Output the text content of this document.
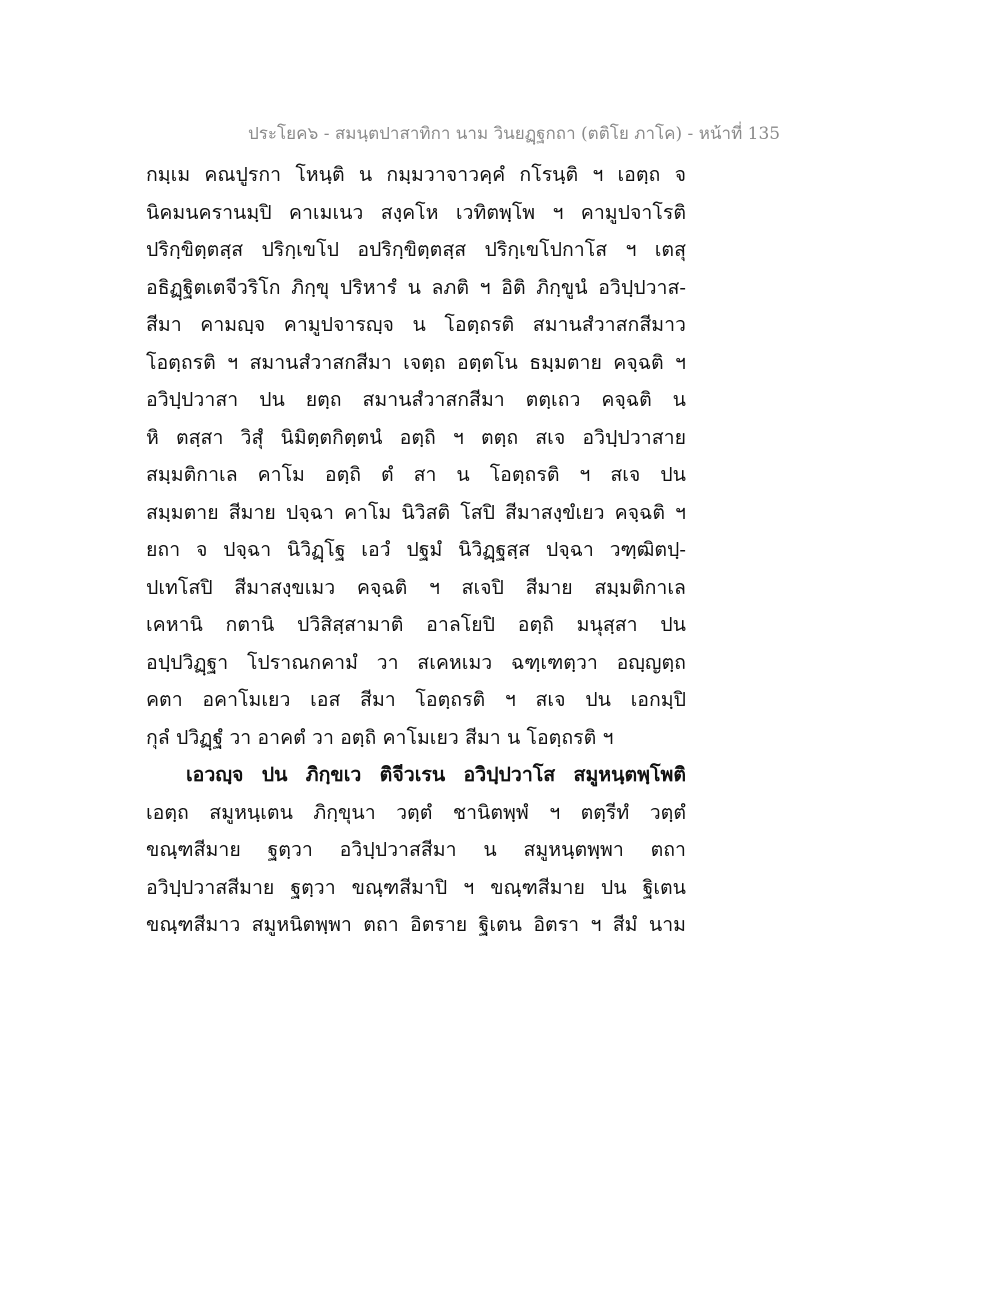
ประโยค๖ - สมนฺตปาสาทิกา นาม วินยฏฺฐกถา (ตติโย ภาโค) - หน้าที่ 135
กมฺเม คณปูรกา โหนฺติ น กมฺมวาจาวคฺคํ กโรนฺติ ฯ เอตฺถ จ
นิคมนครานมฺปิ คาเมเนว สงฺคโห เวทิตพฺโพ ฯ คามูปจาโรติ
ปริกฺขิตฺตสฺส ปริกฺเขโป อปริกฺขิตฺตสฺส ปริกฺเขโปกาโส ฯ เตสุ
อธิฏฺฐิตเตจีวริโก ภิกฺขุ ปริหารํ น ลภติ ฯ อิติ ภิกฺขูนํ อวิปฺปวาส-
สีมา คามญฺจ คามูปจารญฺจ น โอตฺถรติ สมานสํวาสกสีมาว
โอตฺถรติ ฯ สมานสํวาสกสีมา เจตฺถ อตฺตโน ธมฺมตาย คจฺฉติ ฯ
อวิปฺปวาสา ปน ยตฺถ สมานสํวาสกสีมา ตตฺเถว คจฺฉติ น
หิ ตสฺสา วิสุํ นิมิตฺตกิตฺตนํ อตฺถิ ฯ ตตฺถ สเจ อวิปฺปวาสาย
สมฺมติกาเล คาโม อตฺถิ ตํ สา น โอตฺถรติ ฯ สเจ ปน
สมฺมตาย สีมาย ปจฺฉา คาโม นิวิสติ โสปิ สีมาสงฺขํเยว คจฺฉติ ฯ
ยถา จ ปจฺฉา นิวิฏฺโฐ เอวํ ปฐมํ นิวิฏฺฐสฺส ปจฺฉา วฑฺฒิตปฺ-
ปเทโสปิ สีมาสงฺขเมว คจฺฉติ ฯ สเจปิ สีมาย สมฺมติกาเล
เคหานิ กตานิ ปวิสิสฺสามาติ อาลโยปิ อตฺถิ มนุสฺสา ปน
อปฺปวิฏฺฐา โปราณกคามํ วา สเคหเมว ฉฑฺเฑตฺวา อญฺญตฺถ
คตา อคาโมเยว เอส สีมา โอตฺถรติ ฯ สเจ ปน เอกมฺปิ
กุลํ ปวิฏฺฐํ วา อาคตํ วา อตฺถิ คาโมเยว สีมา น โอตฺถรติ ฯ
เอวญฺจ ปน ภิกฺขเว ติจีวเรน อวิปฺปวาโส สมูหนฺตพฺโพติ
เอตฺถ สมูหนฺเตน ภิกฺขุนา วตฺตํ ชานิตพฺพํ ฯ ตตฺรีทํ วตฺตํ
ขณฺฑสีมาย ฐตฺวา อวิปฺปวาสสีมา น สมูหนฺตพฺพา ตถา
อวิปฺปวาสสีมาย ฐตฺวา ขณฺฑสีมาปิ ฯ ขณฺฑสีมาย ปน ฐิเตน
ขณฺฑสีมาว สมูหนิตพฺพา ตถา อิตราย ฐิเตน อิตรา ฯ สีมํ นาม
